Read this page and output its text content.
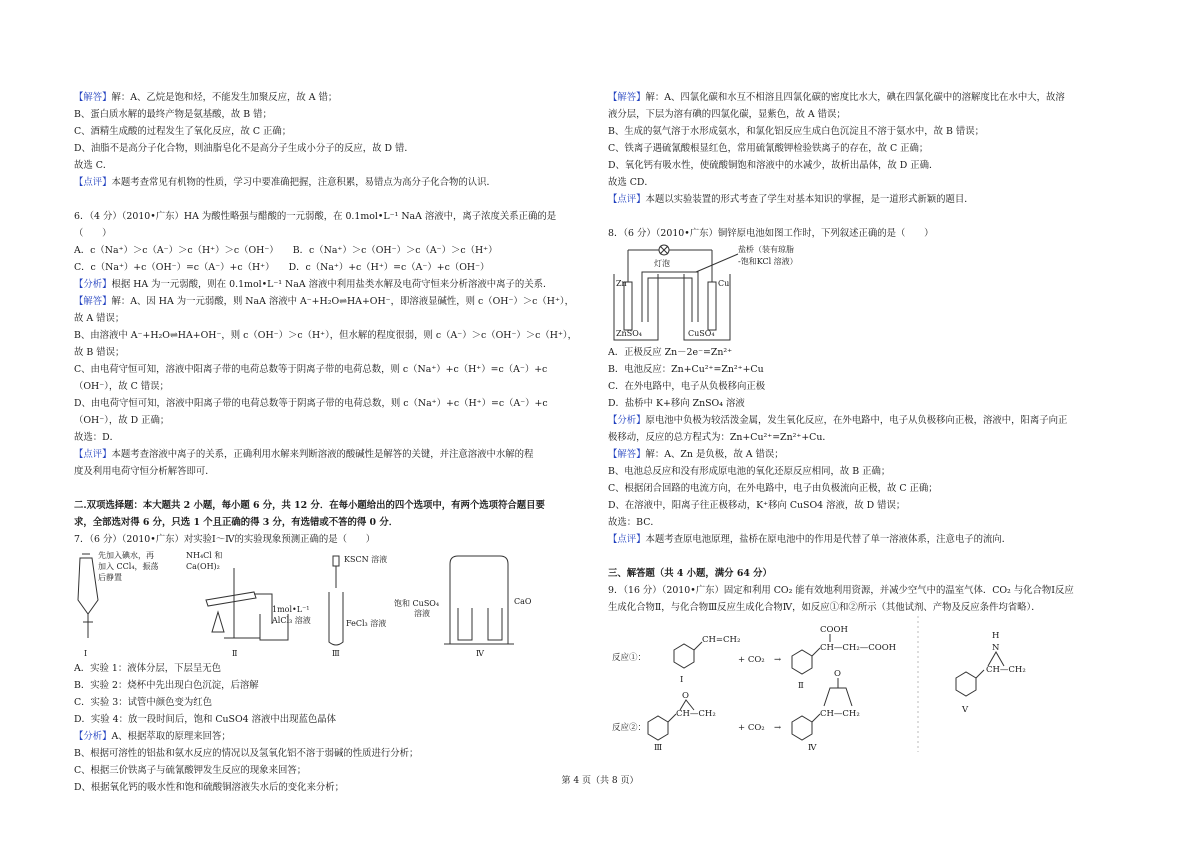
【解答】解：A、乙烷是饱和烃，不能发生加聚反应，故 A 错；
B、蛋白质水解的最终产物是氨基酸，故 B 错；
C、酒精生成酸的过程发生了氧化反应，故 C 正确；
D、油脂不是高分子化合物，则油脂皂化不是高分子生成小分子的反应，故 D 错．
故选 C．
【点评】本题考查常见有机物的性质，学习中要准确把握，注意积累，易错点为高分子化合物的认识．
6．（4 分）（2010•广东）HA 为酸性略强与醋酸的一元弱酸，在 0.1mol•L⁻¹ NaA 溶液中，离子浓度关系正确的是
（　　）
A．c（Na⁺）＞c（A⁻）＞c（H⁺）＞c（OH⁻）　　B．c（Na⁺）＞c（OH⁻）＞c（A⁻）＞c（H⁺）
C．c（Na⁺）+c（OH⁻）=c（A⁻）+c（H⁺）　　D．c（Na⁺）+c（H⁺）=c（A⁻）+c（OH⁻）
【分析】根据 HA 为一元弱酸，则在 0.1mol•L⁻¹ NaA 溶液中利用盐类水解及电荷守恒来分析溶液中离子的关系．
【解答】解：A、因 HA 为一元弱酸，则 NaA 溶液中 A⁻+H₂O⇌HA+OH⁻，即溶液显碱性，则 c（OH⁻）＞c（H⁺），
故 A 错误；
B、由溶液中 A⁻+H₂O⇌HA+OH⁻，则 c（OH⁻）＞c（H⁺），但水解的程度很弱，则 c（A⁻）＞c（OH⁻）＞c（H⁺），
故 B 错误；
C、由电荷守恒可知，溶液中阳离子带的电荷总数等于阴离子带的电荷总数，则 c（Na⁺）+c（H⁺）=c（A⁻）+c
（OH⁻），故 C 错误；
D、由电荷守恒可知，溶液中阳离子带的电荷总数等于阴离子带的电荷总数，则 c（Na⁺）+c（H⁺）=c（A⁻）+c
（OH⁻），故 D 正确；
故选：D．
【点评】本题考查溶液中离子的关系，正确利用水解来判断溶液的酸碱性是解答的关键，并注意溶液中水解的程
度及利用电荷守恒分析解答即可．
二.双项选择题：本大题共 2 小题，每小题 6 分，共 12 分．在每小题给出的四个选项中，有两个选项符合题目要
求，全部选对得 6 分，只选 1 个且正确的得 3 分，有选错或不答的得 0 分．
7．（6 分）（2010•广东）对实验Ⅰ～Ⅳ的实验现象预测正确的是（　　）
先加入碘水，再
加入 CCl₄，振荡
后静置
NH₄Cl 和
Ca(OH)₂
1mol•L⁻¹
AlCl₃ 溶液
KSCN 溶液
FeCl₃ 溶液
饱和 CuSO₄
溶液
CaO
Ⅰ	Ⅱ	Ⅲ	Ⅳ
A．实验 1：液体分层，下层呈无色
B．实验 2：烧杯中先出现白色沉淀，后溶解
C．实验 3：试管中颜色变为红色
D．实验 4：放一段时间后，饱和 CuSO4 溶液中出现蓝色晶体
【分析】A、根据萃取的原理来回答；
B、根据可溶性的铝盐和氨水反应的情况以及氢氧化铝不溶于弱碱的性质进行分析；
C、根据三价铁离子与硫氰酸钾发生反应的现象来回答；
D、根据氧化钙的吸水性和饱和硫酸铜溶液失水后的变化来分析；
【解答】解：A、四氯化碳和水互不相溶且四氯化碳的密度比水大，碘在四氯化碳中的溶解度比在水中大，故溶
液分层，下层为溶有碘的四氯化碳，显紫色，故 A 错误；
B、生成的氨气溶于水形成氨水，和氯化铝反应生成白色沉淀且不溶于氨水中，故 B 错误；
C、铁离子遇硫氰酸根显红色，常用硫氰酸钾检验铁离子的存在，故 C 正确；
D、氧化钙有吸水性，使硫酸铜饱和溶液中的水减少，故析出晶体，故 D 正确．
故选 CD．
【点评】本题以实验装置的形式考查了学生对基本知识的掌握，是一道形式新颖的题目．
8．（6 分）（2010•广东）铜锌原电池如图工作时，下列叙述正确的是（　　）
盐桥（装有琼脂
-饱和KCl 溶液）
灯泡
Zn	Cu
ZnSO₄	CuSO₄
A．正极反应 Zn－2e⁻=Zn²⁺
B．电池反应：Zn+Cu²⁺=Zn²⁺+Cu
C．在外电路中，电子从负极移向正极
D．盐桥中 K+移向 ZnSO₄ 溶液
【分析】原电池中负极为较活泼金属，发生氧化反应，在外电路中，电子从负极移向正极，溶液中，阳离子向正
极移动，反应的总方程式为：Zn+Cu²⁺=Zn²⁺+Cu．
【解答】解：A、Zn 是负极，故 A 错误；
B、电池总反应和没有形成原电池的氧化还原反应相同，故 B 正确；
C、根据闭合回路的电流方向，在外电路中，电子由负极流向正极，故 C 正确；
D、在溶液中，阳离子往正极移动，K⁺移向 CuSO4 溶液，故 D 错误；
故选：BC．
【点评】本题考查原电池原理，盐桥在原电池中的作用是代替了单一溶液体系，注意电子的流向．
三、解答题（共 4 小题，满分 64 分）
9．（16 分）（2010•广东）固定和利用 CO₂ 能有效地利用资源，并减少空气中的温室气体．CO₂ 与化合物Ⅰ反应
生成化合物Ⅱ，与化合物Ⅲ反应生成化合物Ⅳ，如反应①和②所示（其他试剂、产物及反应条件均省略）．
反应①：
CH=CH₂
+ CO₂ →
COOH
CH—CH₂—COOH
Ⅰ
Ⅱ
反应②：
O
CH—CH₂
+ CO₂ →
O
CH—CH₂
Ⅲ	Ⅳ
H
N
CH—CH₂
Ⅴ
第 4 页（共 8 页）
